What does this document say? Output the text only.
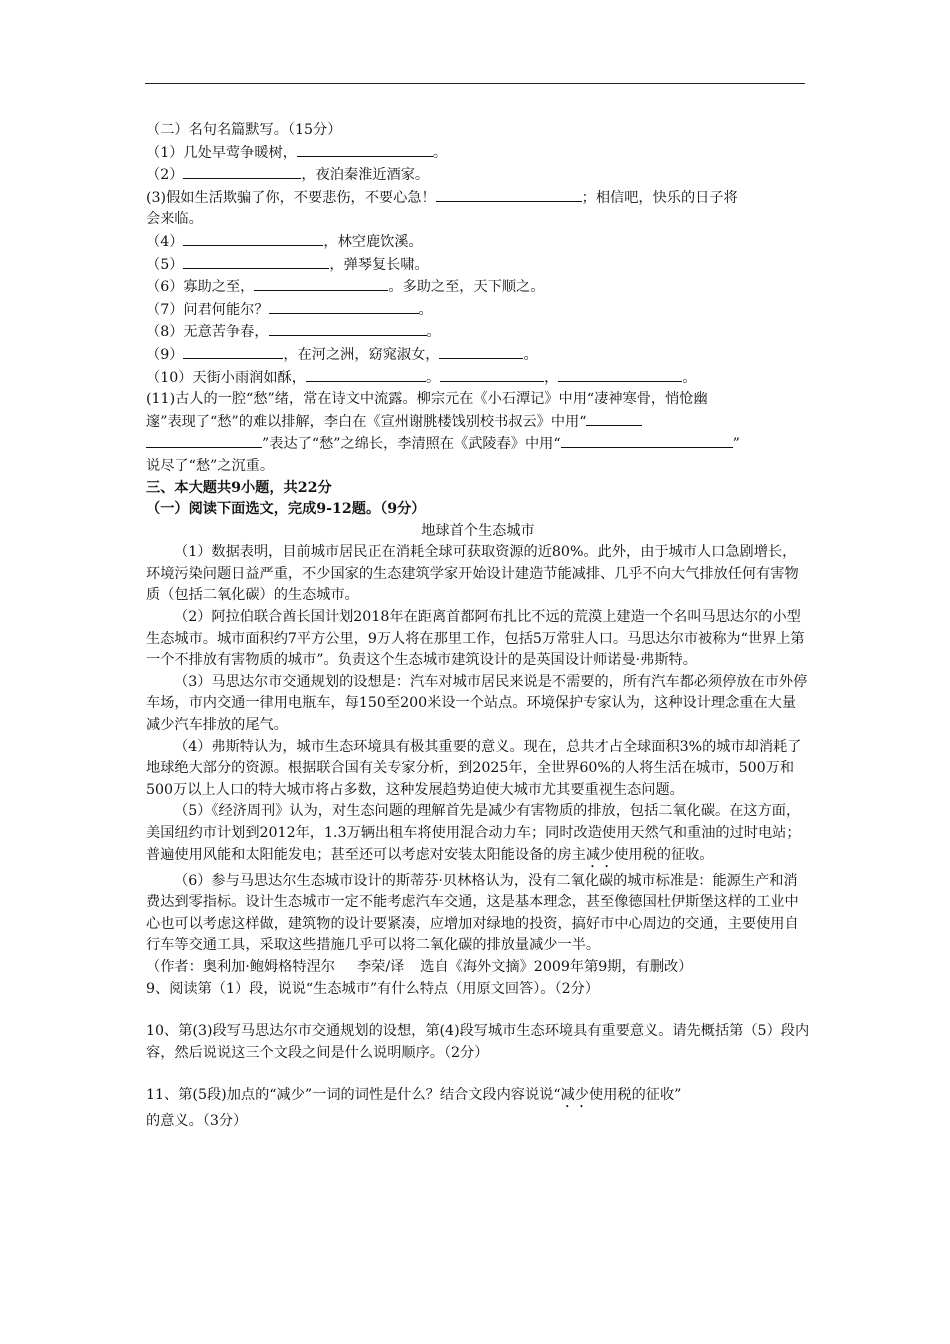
（二）名句名篇默写。（15分）
（1）几处早莺争暖树，	。
（2）	，夜泊秦淮近酒家。
(3)假如生活欺骗了你，不要悲伤，不要心急！	；相信吧，快乐的日子将
会来临。
（4）	，林空鹿饮溪。
（5）	，弹琴复长啸。
（6）寡助之至，	。多助之至，天下顺之。
（7）问君何能尔？	。
（8）无意苦争春，	。
（9）	，在河之洲，窈窕淑女，	。
（10）天街小雨润如酥，	。	，	。
(11)古人的一腔“愁”绪，常在诗文中流露。柳宗元在《小石潭记》中用“凄神寒骨，悄怆幽
邃”表现了“愁”的难以排解，李白在《宣州谢朓楼饯别校书叔云》中用“
”表达了“愁”之绵长，李清照在《武陵春》中用“	”
说尽了“愁”之沉重。
三、本大题共9小题，共22分
（一）阅读下面选文，完成9-12题。（9分）
地球首个生态城市
（1）数据表明，目前城市居民正在消耗全球可获取资源的近80%。此外，由于城市人口急剧增长，环境污染问题日益严重，不少国家的生态建筑学家开始设计建造节能减排、几乎不向大气排放任何有害物质（包括二氧化碳）的生态城市。
（2）阿拉伯联合酋长国计划2018年在距离首都阿布扎比不远的荒漠上建造一个名叫马思达尔的小型生态城市。城市面积约7平方公里，9万人将在那里工作，包括5万常驻人口。马思达尔市被称为“世界上第一个不排放有害物质的城市”。负责这个生态城市建筑设计的是英国设计师诺曼·弗斯特。
（3）马思达尔市交通规划的设想是：汽车对城市居民来说是不需要的，所有汽车都必须停放在市外停车场，市内交通一律用电瓶车，每150至200米设一个站点。环境保护专家认为，这种设计理念重在大量减少汽车排放的尾气。
（4）弗斯特认为，城市生态环境具有极其重要的意义。现在，总共才占全球面积3%的城市却消耗了地球绝大部分的资源。根据联合国有关专家分析，到2025年，全世界60%的人将生活在城市，500万和500万以上人口的特大城市将占多数，这种发展趋势迫使大城市尤其要重视生态问题。
（5）《经济周刊》认为，对生态问题的理解首先是减少有害物质的排放，包括二氧化碳。在这方面，美国纽约市计划到2012年，1.3万辆出租车将使用混合动力车；同时改造使用天然气和重油的过时电站；普遍使用风能和太阳能发电；甚至还可以考虑对安装太阳能设备的房主减少使用税的征收。
（6）参与马思达尔生态城市设计的斯蒂芬·贝林格认为，没有二氧化碳的城市标准是：能源生产和消费达到零指标。设计生态城市一定不能考虑汽车交通，这是基本理念，甚至像德国杜伊斯堡这样的工业中心也可以考虑这样做，建筑物的设计要紧凑，应增加对绿地的投资，搞好市中心周边的交通，主要使用自行车等交通工具，采取这些措施几乎可以将二氧化碳的排放量减少一半。
（作者：奥利加·鲍姆格特涅尔 李荣/译 选自《海外文摘》2009年第9期，有删改）
9、阅读第（1）段，说说“生态城市”有什么特点（用原文回答）。（2分）
10、第(3)段写马思达尔市交通规划的设想，第(4)段写城市生态环境具有重要意义。请先概括第（5）段内容，然后说说这三个文段之间是什么说明顺序。（2分）
11、第(5段)加点的“减少”一词的词性是什么？结合文段内容说说“减少使用税的征收”
的意义。（3分）
